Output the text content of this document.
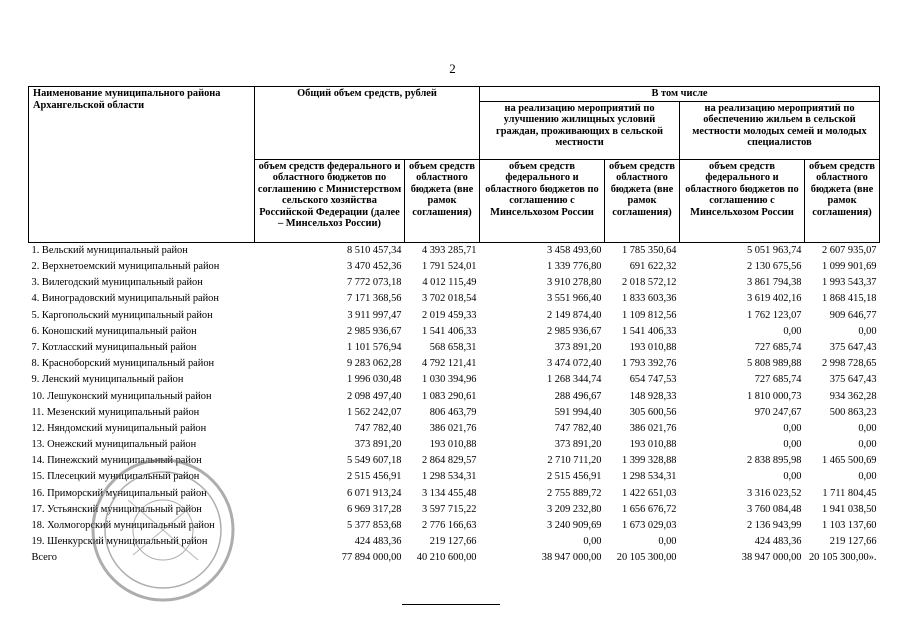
2
Наименование муниципального района Архангельской области	Общий объем средств, рублей		В том числе			
			на реализацию мероприятий по улучшению жилищных условий граждан, проживающих в сельской местности		на реализацию мероприятий по обеспечению жильем в сельской местности молодых семей и молодых специалистов	
	объем средств федерального и областного бюджетов по соглашению с Министерством сельского хозяйства Российской Федерации (далее – Минсельхоз России)	объем средств областного бюджета (вне рамок соглашения)	объем средств федерального и областного бюджетов по соглашению с Минсельхозом России	объем средств областного бюджета (вне рамок соглашения)	объем средств федерального и областного бюджетов по соглашению с Минсельхозом России	объем средств областного бюджета (вне рамок соглашения)
1. Вельский муниципальный район	8 510 457,34	4 393 285,71	3 458 493,60	1 785 350,64	5 051 963,74	2 607 935,07
2. Верхнетоемский муниципальный район	3 470 452,36	1 791 524,01	1 339 776,80	691 622,32	2 130 675,56	1 099 901,69
3. Вилегодский муниципальный район	7 772 073,18	4 012 115,49	3 910 278,80	2 018 572,12	3 861 794,38	1 993 543,37
4. Виноградовский муниципальный район	7 171 368,56	3 702 018,54	3 551 966,40	1 833 603,36	3 619 402,16	1 868 415,18
5. Каргопольский муниципальный район	3 911 997,47	2 019 459,33	2 149 874,40	1 109 812,56	1 762 123,07	909 646,77
6. Коношский муниципальный район	2 985 936,67	1 541 406,33	2 985 936,67	1 541 406,33	0,00	0,00
7. Котласский муниципальный район	1 101 576,94	568 658,31	373 891,20	193 010,88	727 685,74	375 647,43
8. Красноборский муниципальный район	9 283 062,28	4 792 121,41	3 474 072,40	1 793 392,76	5 808 989,88	2 998 728,65
9. Ленский муниципальный район	1 996 030,48	1 030 394,96	1 268 344,74	654 747,53	727 685,74	375 647,43
10. Лешуконский муниципальный район	2 098 497,40	1 083 290,61	288 496,67	148 928,33	1 810 000,73	934 362,28
11. Мезенский муниципальный район	1 562 242,07	806 463,79	591 994,40	305 600,56	970 247,67	500 863,23
12. Няндомский муниципальный район	747 782,40	386 021,76	747 782,40	386 021,76	0,00	0,00
13. Онежский муниципальный район	373 891,20	193 010,88	373 891,20	193 010,88	0,00	0,00
14. Пинежский муниципальный район	5 549 607,18	2 864 829,57	2 710 711,20	1 399 328,88	2 838 895,98	1 465 500,69
15. Плесецкий муниципальный район	2 515 456,91	1 298 534,31	2 515 456,91	1 298 534,31	0,00	0,00
16. Приморский муниципальный район	6 071 913,24	3 134 455,48	2 755 889,72	1 422 651,03	3 316 023,52	1 711 804,45
17. Устьянский муниципальный район	6 969 317,28	3 597 715,22	3 209 232,80	1 656 676,72	3 760 084,48	1 941 038,50
18. Холмогорский муниципальный район	5 377 853,68	2 776 166,63	3 240 909,69	1 673 029,03	2 136 943,99	1 103 137,60
19. Шенкурский муниципальный район	424 483,36	219 127,66	0,00	0,00	424 483,36	219 127,66
Всего	77 894 000,00	40 210 600,00	38 947 000,00	20 105 300,00	38 947 000,00	20 105 300,00».
